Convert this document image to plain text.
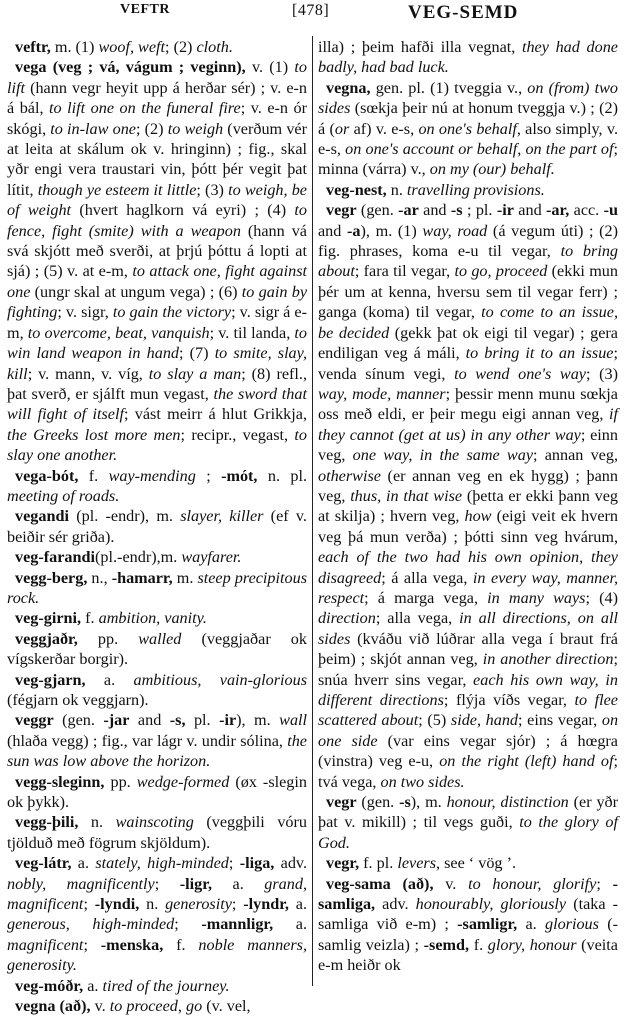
VEFTR	[478]	VEG-SEMD

veftr, m. (1) woof, weft; (2) cloth.

vega (veg ; vá, vágum ; veginn), v. (1) to lift (hann vegr heyit upp á herðar sér) ; v. e-n á bál, to lift one on the funeral fire; v. e-n ór skógi, to in-law one; (2) to weigh (verðum vér at leita at skálum ok v. hringinn) ; fig., skal yðr engi vera traustari vin, þótt þér vegit þat lítit, though ye esteem it little; (3) to weigh, be of weight (hvert haglkorn vá eyri) ; (4) to fence, fight (smite) with a weapon (hann vá svá skjótt með sverði, at þrjú þóttu á lopti at sjá) ; (5) v. at e-m, to attack one, fight against one (ungr skal at ungum vega) ; (6) to gain by fighting; v. sigr, to gain the victory; v. sigr á e-m, to overcome, beat, vanquish; v. til landa, to win land weapon in hand; (7) to smite, slay, kill; v. mann, v. víg, to slay a man; (8) refl., þat sverð, er sjálft mun vegast, the sword that will fight of itself; vást meirr á hlut Grikkja, the Greeks lost more men; recipr., vegast, to slay one another.

vega-bót, f. way-mending ; -mót, n. pl. meeting of roads.

vegandi (pl. -endr), m. slayer, killer (ef v. beiðir sér griða).

veg-farandi(pl.-endr),m. wayfarer.

vegg-berg, n., -hamarr, m. steep precipitous rock.

veg-girni, f. ambition, vanity.

veggjaðr, pp. walled (veggjaðar ok vígskerðar borgir).

veg-gjarn, a. ambitious, vain-glorious (fégjarn ok veggjarn).

veggr (gen. -jar and -s, pl. -ir), m. wall (hlaða vegg) ; fig., var lágr v. undir sólina, the sun was low above the horizon.

vegg-sleginn, pp. wedge-formed (øx -slegin ok þykk).

vegg-þili, n. wainscoting (veggþili vóru tjölduð með fögrum skjöldum).

veg-látr, a. stately, high-minded; -liga, adv. nobly, magnificently; -ligr, a. grand, magnificent; -lyndi, n. generosity; -lyndr, a. generous, high-minded; -mannligr, a. magnificent; -menska, f. noble manners, generosity.

veg-móðr, a. tired of the journey.

vegna (að), v. to proceed, go (v. vel,

illa) ; þeim hafði illa vegnat, they had done badly, had bad luck.

vegna, gen. pl. (1) tveggia v., on (from) two sides (sœkja þeir nú at honum tveggja v.) ; (2) á (or af) v. e-s, on one's behalf, also simply, v. e-s, on one's account or behalf, on the part of; minna (várra) v., on my (our) behalf.

veg-nest, n. travelling provisions.

vegr (gen. -ar and -s ; pl. -ir and -ar, acc. -u and -a), m. (1) way, road (á vegum úti) ; (2) fig. phrases, koma e-u til vegar, to bring about; fara til vegar, to go, proceed (ekki mun þér um at kenna, hversu sem til vegar ferr) ; ganga (koma) til vegar, to come to an issue, be decided (gekk þat ok eigi til vegar) ; gera endiligan veg á máli, to bring it to an issue; venda sínum vegi, to wend one's way; (3) way, mode, manner; þessir menn munu sœkja oss með eldi, er þeir megu eigi annan veg, if they cannot (get at us) in any other way; einn veg, one way, in the same way; annan veg, otherwise (er annan veg en ek hygg) ; þann veg, thus, in that wise (þetta er ekki þann veg at skilja) ; hvern veg, how (eigi veit ek hvern veg þá mun verða) ; þótti sinn veg hvárum, each of the two had his own opinion, they disagreed; á alla vega, in every way, manner, respect; á marga vega, in many ways; (4) direction; alla vega, in all directions, on all sides (kváðu við lúðrar alla vega í braut frá þeim) ; skjót annan veg, in another direction; snúa hverr sins vegar, each his own way, in different directions; flýja víðs vegar, to flee scattered about; (5) side, hand; eins vegar, on one side (var eins vegar sjór) ; á hœgra (vinstra) veg e-u, on the right (left) hand of; tvá vega, on two sides.

vegr (gen. -s), m. honour, distinction (er yðr þat v. mikill) ; til vegs guði, to the glory of God.

vegr, f. pl. levers, see ‘ vög ’.

veg-sama (að), v. to honour, glorify; -samliga, adv. honourably, gloriously (taka -samliga við e-m) ; -samligr, a. glorious (-samlig veizla) ; -semd, f. glory, honour (veita e-m heiðr ok
